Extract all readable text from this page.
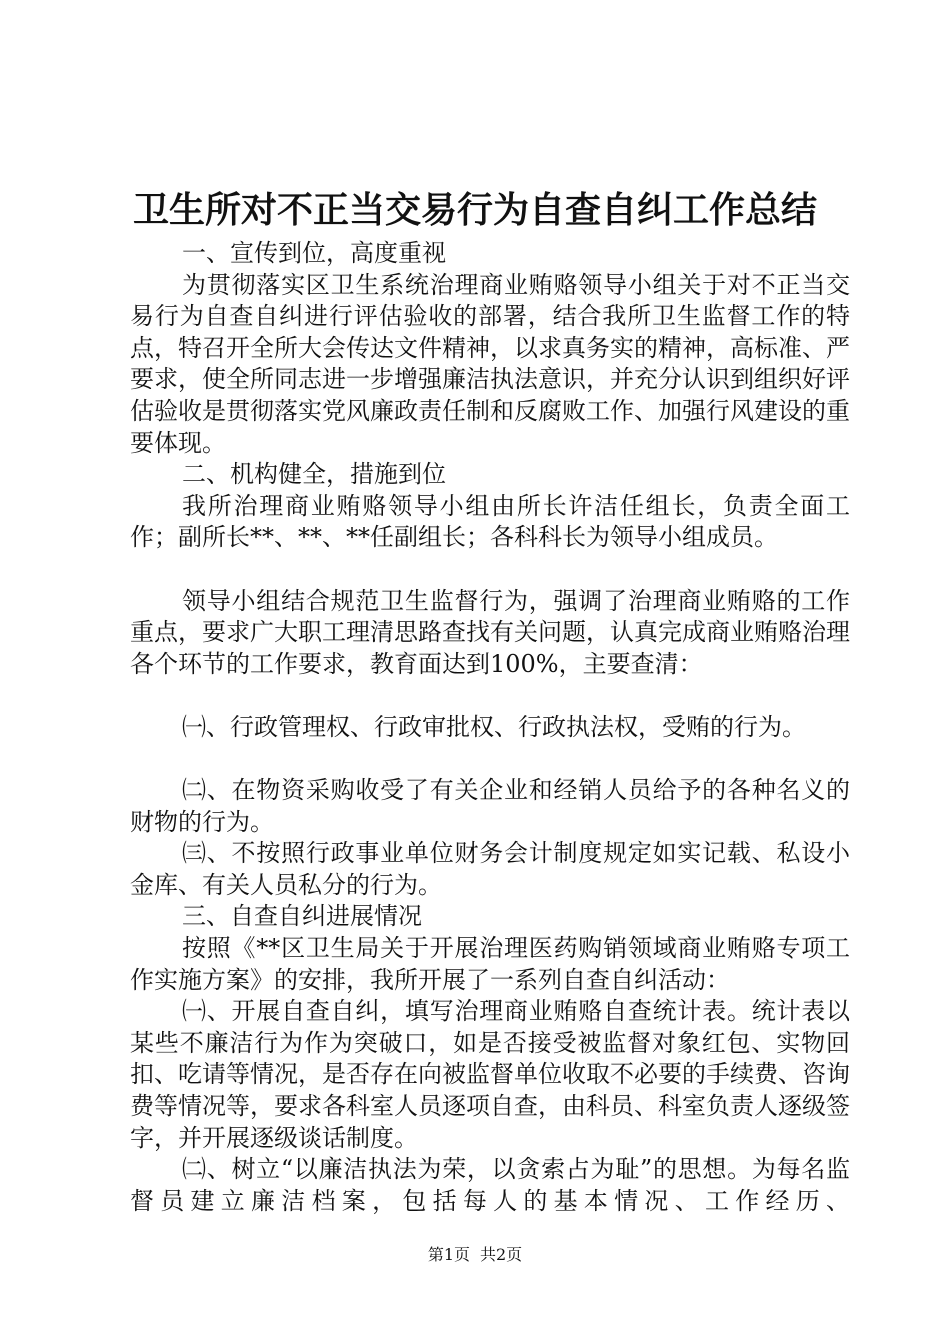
卫生所对不正当交易行为自查自纠工作总结

一、宣传到位，高度重视

为贯彻落实区卫生系统治理商业贿赂领导小组关于对不正当交易行为自查自纠进行评估验收的部署，结合我所卫生监督工作的特点，特召开全所大会传达文件精神，以求真务实的精神，高标准、严要求，使全所同志进一步增强廉洁执法意识，并充分认识到组织好评估验收是贯彻落实党风廉政责任制和反腐败工作、加强行风建设的重要体现。

二、机构健全，措施到位

我所治理商业贿赂领导小组由所长许洁任组长，负责全面工作；副所长**、**、**任副组长；各科科长为领导小组成员。

领导小组结合规范卫生监督行为，强调了治理商业贿赂的工作重点，要求广大职工理清思路查找有关问题，认真完成商业贿赂治理各个环节的工作要求，教育面达到100%，主要查清：

㈠、行政管理权、行政审批权、行政执法权，受贿的行为。

㈡、在物资采购收受了有关企业和经销人员给予的各种名义的财物的行为。

㈢、不按照行政事业单位财务会计制度规定如实记载、私设小金库、有关人员私分的行为。

三、自查自纠进展情况

按照《**区卫生局关于开展治理医药购销领域商业贿赂专项工作实施方案》的安排，我所开展了一系列自查自纠活动：

㈠、开展自查自纠，填写治理商业贿赂自查统计表。统计表以某些不廉洁行为作为突破口，如是否接受被监督对象红包、实物回扣、吃请等情况，是否存在向被监督单位收取不必要的手续费、咨询费等情况等，要求各科室人员逐项自查，由科员、科室负责人逐级签字，并开展逐级谈话制度。

㈡、树立“以廉洁执法为荣，以贪索占为耻”的思想。为每名监督员建立廉洁档案，包括每人的基本情况、工作经历、

第1页 共2页
